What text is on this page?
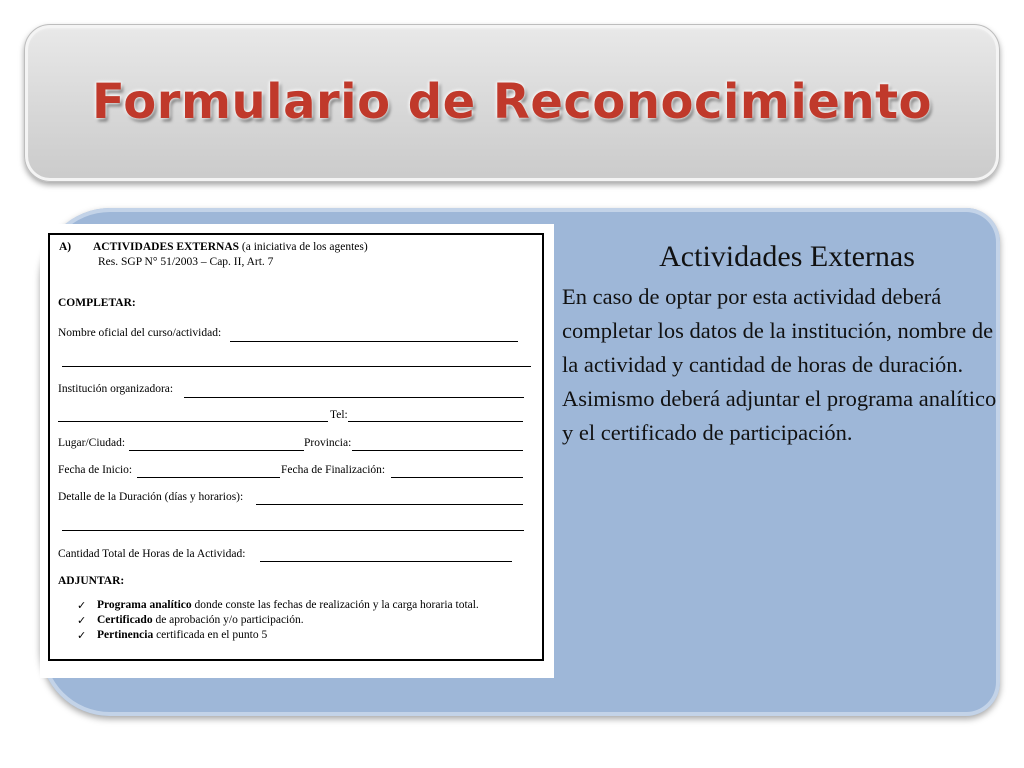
Formulario de Reconocimiento
A) ACTIVIDADES EXTERNAS (a iniciativa de los agentes)
Res. SGP N° 51/2003 – Cap. II, Art. 7
COMPLETAR:
Nombre oficial del curso/actividad:
Institución organizadora:
Tel:
Lugar/Ciudad:	Provincia:
Fecha de Inicio:	Fecha de Finalización:
Detalle de la Duración (días y horarios):
Cantidad Total de Horas de la Actividad:
ADJUNTAR:
✓ Programa analítico donde conste las fechas de realización y la carga horaria total.
✓ Certificado de aprobación y/o participación.
✓ Pertinencia certificada en el punto 5
Actividades Externas
En caso de optar por esta actividad deberá completar los datos de la institución, nombre de la actividad y cantidad de horas de duración. Asimismo deberá adjuntar el programa analítico y el certificado de participación.
